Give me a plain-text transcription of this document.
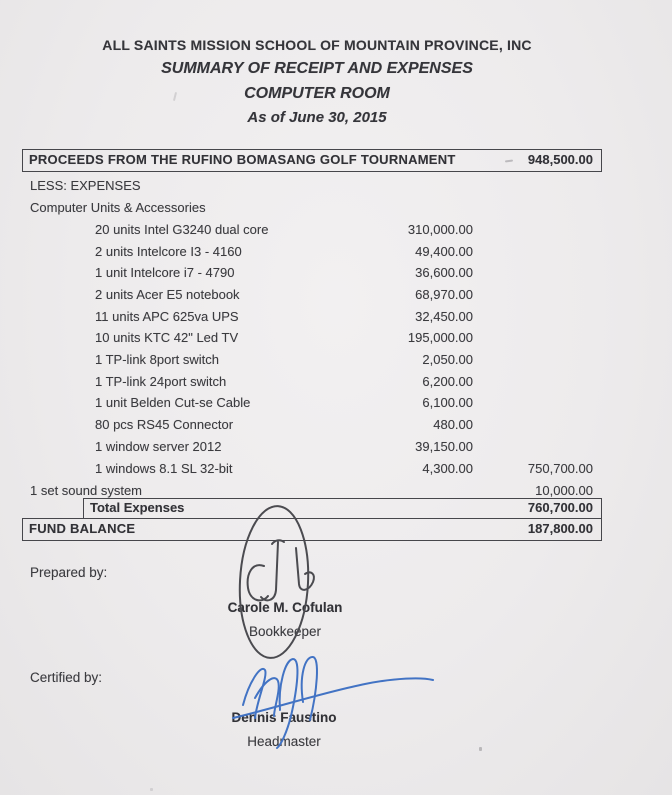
ALL SAINTS MISSION SCHOOL OF MOUNTAIN PROVINCE, INC
SUMMARY OF RECEIPT AND EXPENSES
COMPUTER ROOM
As of June 30, 2015
PROCEEDS FROM THE RUFINO BOMASANG GOLF TOURNAMENT	948,500.00
LESS: EXPENSES
Computer Units & Accessories
20 units Intel G3240 dual core	310,000.00
2 units Intelcore I3 - 4160	49,400.00
1 unit Intelcore i7 - 4790	36,600.00
2 units Acer E5 notebook	68,970.00
11 units APC 625va UPS	32,450.00
10 units KTC 42" Led TV	195,000.00
1 TP-link 8port switch	2,050.00
1 TP-link 24port switch	6,200.00
1 unit Belden Cut-se Cable	6,100.00
80 pcs RS45 Connector	480.00
1 window server 2012	39,150.00
1 windows 8.1 SL 32-bit	4,300.00	750,700.00
1 set sound system	10,000.00
Total Expenses	760,700.00
FUND BALANCE	187,800.00
Prepared by:
Carole M. Cofulan
Bookkeeper
Certified by:
Dennis Faustino
Headmaster
